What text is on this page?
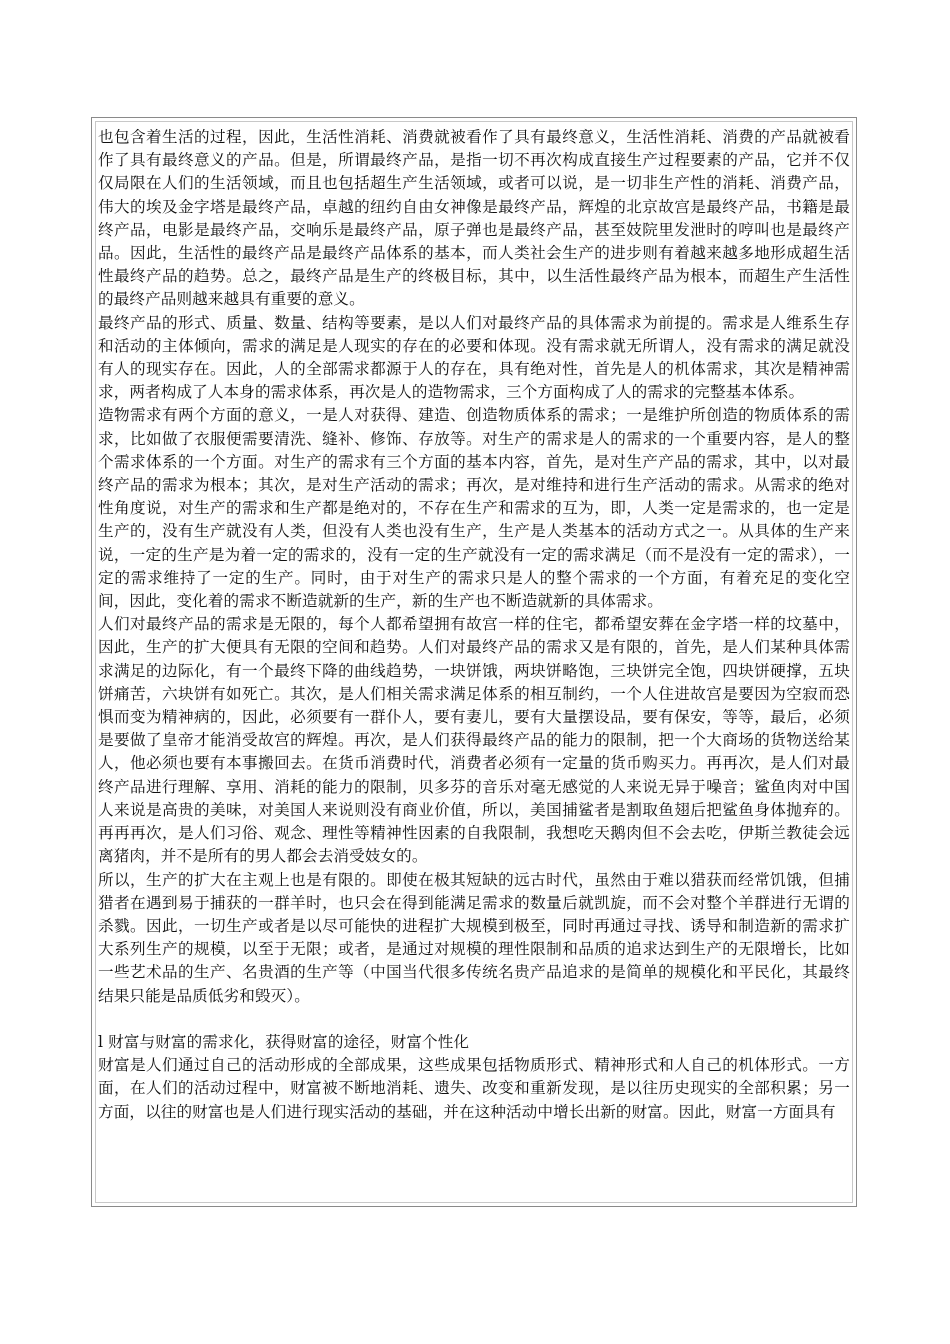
也包含着生活的过程，因此，生活性消耗、消费就被看作了具有最终意义，生活性消耗、消费的产品就被看作了具有最终意义的产品。但是，所谓最终产品，是指一切不再次构成直接生产过程要素的产品，它并不仅仅局限在人们的生活领域，而且也包括超生产生活领域，或者可以说，是一切非生产性的消耗、消费产品，伟大的埃及金字塔是最终产品，卓越的纽约自由女神像是最终产品，辉煌的北京故宫是最终产品，书籍是最终产品，电影是最终产品，交响乐是最终产品，原子弹也是最终产品，甚至妓院里发泄时的哼叫也是最终产品。因此，生活性的最终产品是最终产品体系的基本，而人类社会生产的进步则有着越来越多地形成超生活性最终产品的趋势。总之，最终产品是生产的终极目标，其中，以生活性最终产品为根本，而超生产生活性的最终产品则越来越具有重要的意义。

最终产品的形式、质量、数量、结构等要素，是以人们对最终产品的具体需求为前提的。需求是人维系生存和活动的主体倾向，需求的满足是人现实的存在的必要和体现。没有需求就无所谓人，没有需求的满足就没有人的现实存在。因此，人的全部需求都源于人的存在，具有绝对性，首先是人的机体需求，其次是精神需求，两者构成了人本身的需求体系，再次是人的造物需求，三个方面构成了人的需求的完整基本体系。

造物需求有两个方面的意义，一是人对获得、建造、创造物质体系的需求；一是维护所创造的物质体系的需求，比如做了衣服便需要清洗、缝补、修饰、存放等。对生产的需求是人的需求的一个重要内容，是人的整个需求体系的一个方面。对生产的需求有三个方面的基本内容，首先，是对生产产品的需求，其中，以对最终产品的需求为根本；其次，是对生产活动的需求；再次，是对维持和进行生产活动的需求。从需求的绝对性角度说，对生产的需求和生产都是绝对的，不存在生产和需求的互为，即，人类一定是需求的，也一定是生产的，没有生产就没有人类，但没有人类也没有生产，生产是人类基本的活动方式之一。从具体的生产来说，一定的生产是为着一定的需求的，没有一定的生产就没有一定的需求满足（而不是没有一定的需求），一定的需求维持了一定的生产。同时，由于对生产的需求只是人的整个需求的一个方面，有着充足的变化空间，因此，变化着的需求不断造就新的生产，新的生产也不断造就新的具体需求。

人们对最终产品的需求是无限的，每个人都希望拥有故宫一样的住宅，都希望安葬在金字塔一样的坟墓中，因此，生产的扩大便具有无限的空间和趋势。人们对最终产品的需求又是有限的，首先，是人们某种具体需求满足的边际化，有一个最终下降的曲线趋势，一块饼饿，两块饼略饱，三块饼完全饱，四块饼硬撑，五块饼痛苦，六块饼有如死亡。其次，是人们相关需求满足体系的相互制约，一个人住进故宫是要因为空寂而恐惧而变为精神病的，因此，必须要有一群仆人，要有妻儿，要有大量摆设品，要有保安，等等，最后，必须是要做了皇帝才能消受故宫的辉煌。再次，是人们获得最终产品的能力的限制，把一个大商场的货物送给某人，他必须也要有本事搬回去。在货币消费时代，消费者必须有一定量的货币购买力。再再次，是人们对最终产品进行理解、享用、消耗的能力的限制，贝多芬的音乐对毫无感觉的人来说无异于噪音；鲨鱼肉对中国人来说是高贵的美味，对美国人来说则没有商业价值，所以，美国捕鲨者是割取鱼翅后把鲨鱼身体抛弃的。再再再次，是人们习俗、观念、理性等精神性因素的自我限制，我想吃天鹅肉但不会去吃，伊斯兰教徒会远离猪肉，并不是所有的男人都会去消受妓女的。

所以，生产的扩大在主观上也是有限的。即使在极其短缺的远古时代，虽然由于难以猎获而经常饥饿，但捕猎者在遇到易于捕获的一群羊时，也只会在得到能满足需求的数量后就凯旋，而不会对整个羊群进行无谓的杀戮。因此，一切生产或者是以尽可能快的进程扩大规模到极至，同时再通过寻找、诱导和制造新的需求扩大系列生产的规模，以至于无限；或者，是通过对规模的理性限制和品质的追求达到生产的无限增长，比如一些艺术品的生产、名贵酒的生产等（中国当代很多传统名贵产品追求的是简单的规模化和平民化，其最终结果只能是品质低劣和毁灭）。

l 财富与财富的需求化，获得财富的途径，财富个性化

财富是人们通过自己的活动形成的全部成果，这些成果包括物质形式、精神形式和人自己的机体形式。一方面，在人们的活动过程中，财富被不断地消耗、遗失、改变和重新发现，是以往历史现实的全部积累；另一方面，以往的财富也是人们进行现实活动的基础，并在这种活动中增长出新的财富。因此，财富一方面具有
